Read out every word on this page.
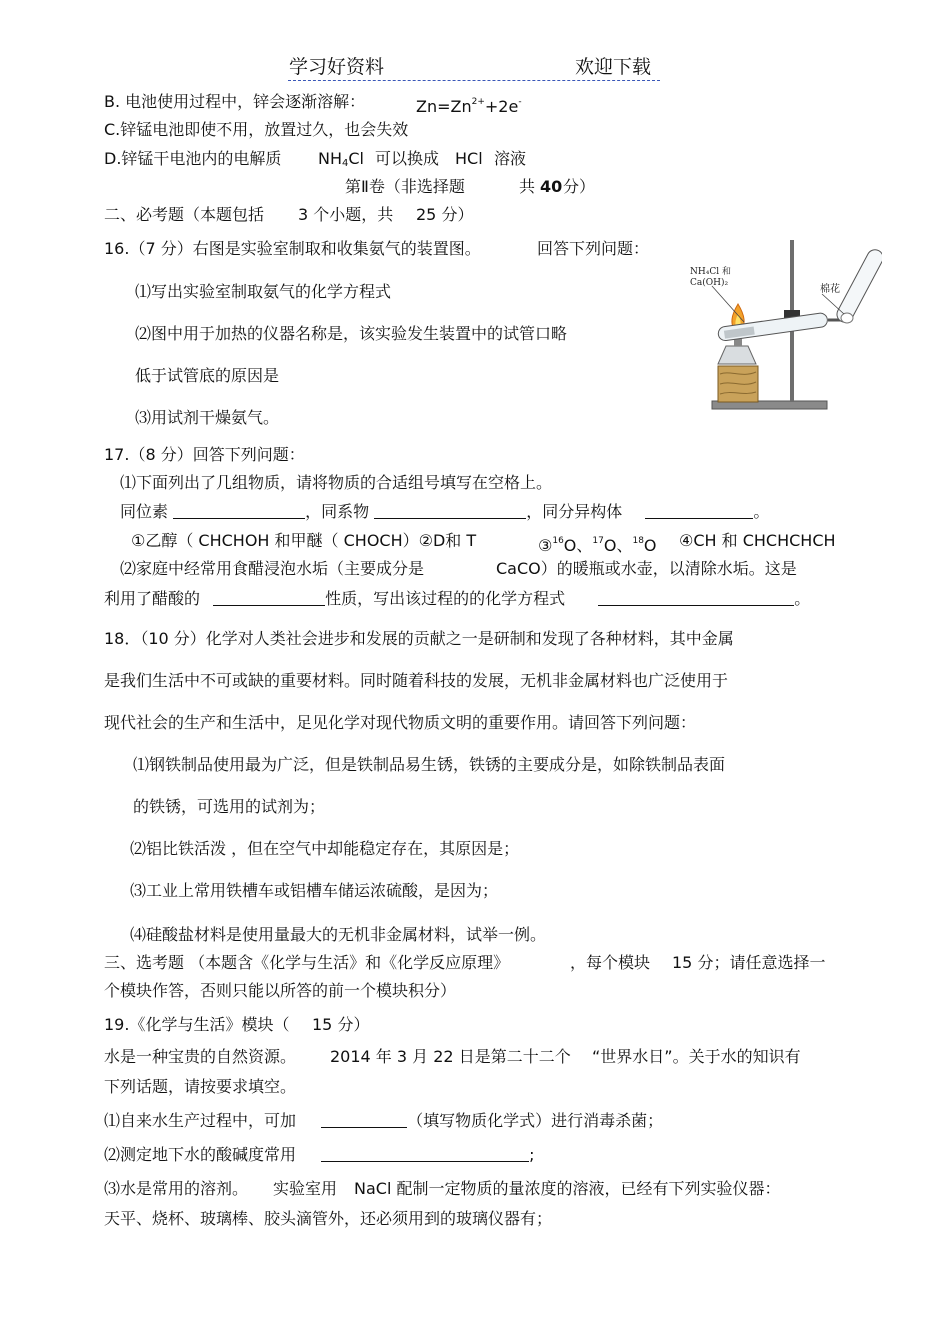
学习好资料	欢迎下载
B. 电池使用过程中，锌会逐渐溶解：	$Zn=Zn^{2+}+2e^-$
C.锌锰电池即使不用，放置过久，也会失效
D.锌锰干电池内的电解质 $NH_4Cl$ 可以换成 HCl 溶液
第Ⅱ卷（非选择题	共 40 分）
二、必考题（本题包括 3 个小题，共 25 分）
16.（7 分）右图是实验室制取和收集氨气的装置图。	回答下列问题：
⑴写出实验室制取氨气的化学方程式
⑵图中用于加热的仪器名称是，该实验发生装置中的试管口略
低于试管底的原因是
⑶用试剂干燥氨气。
NH₄Cl 和
Ca(OH)₂
棉花
17.（8 分）回答下列问题：
⑴下面列出了几组物质，请将物质的合适组号填写在空格上。
同位素	，同系物	，同分异构体	。
①乙醇（ CHCHOH 和甲醚（ CHOCH）②D和 T	③$^{16}$O、$^{17}$O、$^{18}$O ④CH 和 CHCHCHCH
⑵家庭中经常用食醋浸泡水垢（主要成分是	CaCO）的暖瓶或水壶，以清除水垢。这是
利用了醋酸的	性质，写出该过程的的化学方程式	。
18．（10 分）化学对人类社会进步和发展的贡献之一是研制和发现了各种材料，其中金属
是我们生活中不可或缺的重要材料。同时随着科技的发展，无机非金属材料也广泛使用于
现代社会的生产和生活中，足见化学对现代物质文明的重要作用。请回答下列问题：
⑴钢铁制品使用最为广泛，但是铁制品易生锈，铁锈的主要成分是，如除铁制品表面
的铁锈，可选用的试剂为；
⑵铝比铁活泼 ，但在空气中却能稳定存在，其原因是；
⑶工业上常用铁槽车或铝槽车储运浓硫酸，是因为；
⑷硅酸盐材料是使用量最大的无机非金属材料，试举一例。
三、选考题 （本题含《化学与生活》和《化学反应原理》	，每个模块 15 分；请任意选择一
个模块作答，否则只能以所答的前一个模块积分）
19.《化学与生活》模块（ 15 分）
水是一种宝贵的自然资源。 2014 年 3 月 22 日是第二十二个 “世界水日”。关于水的知识有
下列话题，请按要求填空。
⑴自来水生产过程中，可加	（填写物质化学式）进行消毒杀菌；
⑵测定地下水的酸碱度常用	;
⑶水是常用的溶剂。 实验室用 NaCl 配制一定物质的量浓度的溶液，已经有下列实验仪器：
天平、烧杯、玻璃棒、胶头滴管外，还必须用到的玻璃仪器有；
